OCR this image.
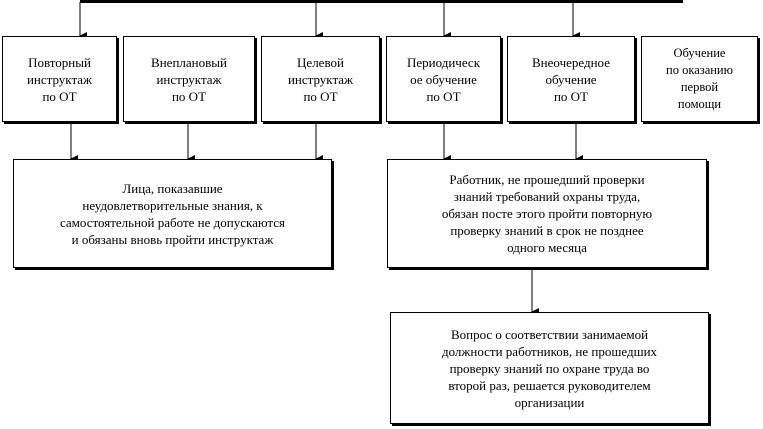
Повторный
инструктаж
по ОТ
Внеплановый
инструктаж
по ОТ
Целевой
инструктаж
по ОТ
Периодическ
ое обучение
по ОТ
Внеочередное
обучение
по ОТ
Обучение
по оказанию
первой
помощи
Лица, показавшие
неудовлетворительные знания, к
самостоятельной работе не допускаются
и обязаны вновь пройти инструктаж
Работник, не прошедший проверки
знаний требований охраны труда,
обязан посте этого пройти повторную
проверку знаний в срок не позднее
одного месяца
Вопрос о соответствии занимаемой
должности работников, не прошедших
проверку знаний по охране труда во
второй раз, решается руководителем
организации
